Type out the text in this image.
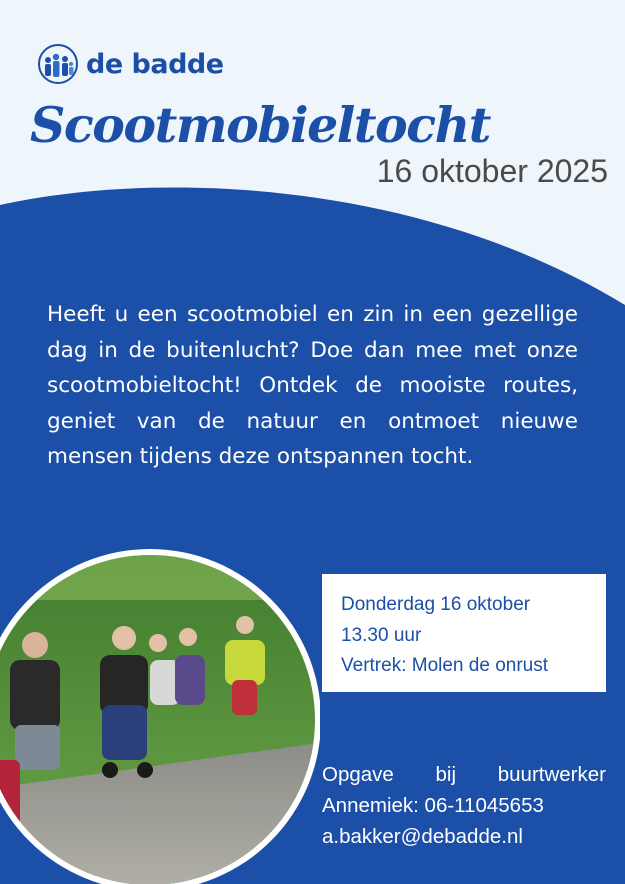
de badde
Scootmobieltocht
16 oktober 2025
Heeft u een scootmobiel en zin in een gezellige dag in de buitenlucht? Doe dan mee met onze scootmobieltocht! Ontdek de mooiste routes, geniet van de natuur en ontmoet nieuwe mensen tijdens deze ontspannen tocht.
Donderdag 16 oktober
13.30 uur
Vertrek: Molen de onrust
Opgave bij buurtwerker
Annemiek: 06-11045653
a.bakker@debadde.nl
